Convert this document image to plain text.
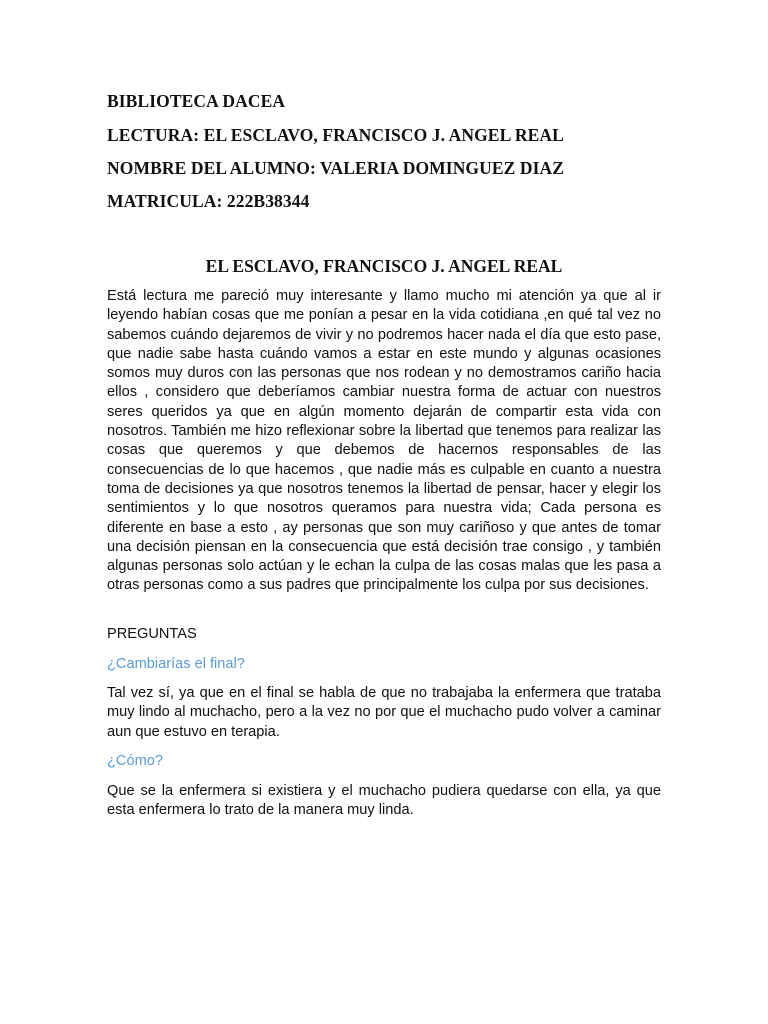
BIBLIOTECA DACEA

LECTURA: EL ESCLAVO, FRANCISCO J. ANGEL REAL

NOMBRE DEL ALUMNO: VALERIA DOMINGUEZ DIAZ

MATRICULA: 222B38344

EL ESCLAVO, FRANCISCO J. ANGEL REAL

Está lectura me pareció muy interesante y llamo mucho mi atención ya que al ir leyendo habían cosas que me ponían a pesar en la vida cotidiana ,en qué tal vez no sabemos cuándo dejaremos de vivir y no podremos hacer nada el día que esto pase, que nadie sabe hasta cuándo vamos a estar en este mundo y algunas ocasiones somos muy duros con las personas que nos rodean y no demostramos cariño hacia ellos , considero que deberíamos cambiar nuestra forma de actuar con nuestros seres queridos ya que en algún momento dejarán de compartir esta vida con nosotros. También me hizo reflexionar sobre la libertad que tenemos para realizar las cosas que queremos y que debemos de hacernos responsables de las consecuencias de lo que hacemos , que nadie más es culpable en cuanto a nuestra toma de decisiones ya que nosotros tenemos la libertad de pensar, hacer y elegir los sentimientos y lo que nosotros queramos para nuestra vida; Cada persona es diferente en base a esto , ay personas que son muy cariñoso y que antes de tomar una decisión piensan en la consecuencia que está decisión trae consigo , y también algunas personas solo actúan y le echan la culpa de las cosas malas que les pasa a otras personas como a sus padres que principalmente los culpa por sus decisiones.

PREGUNTAS

¿Cambiarías el final?

Tal vez sí, ya que en el final se habla de que no trabajaba la enfermera que trataba muy lindo al muchacho, pero a la vez no por que el muchacho pudo volver a caminar aun que estuvo en terapia.

¿Cómo?

Que se la enfermera si existiera y el muchacho pudiera quedarse con ella, ya que esta enfermera lo trato de la manera muy linda.
